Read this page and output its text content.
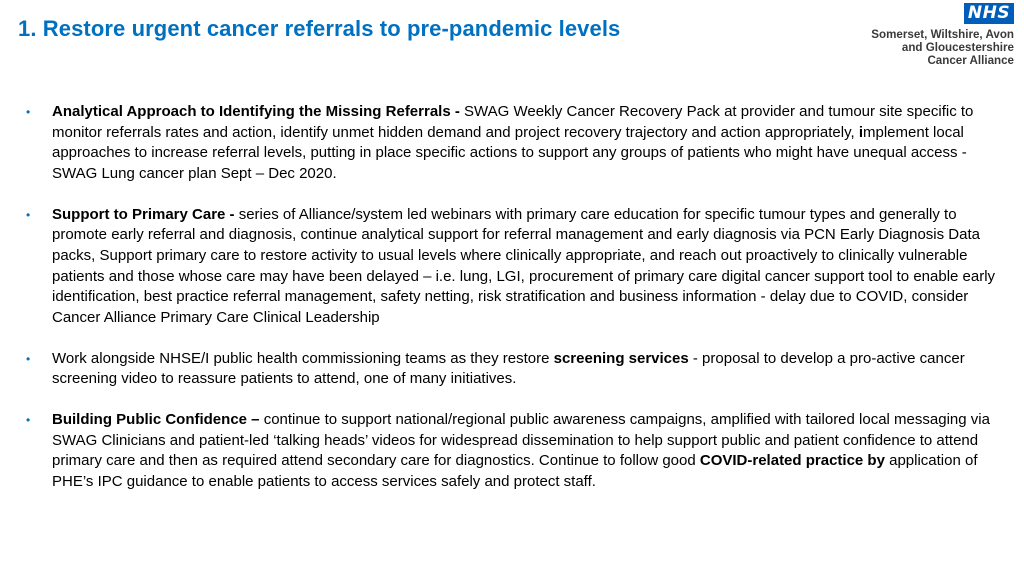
1. Restore urgent cancer referrals to pre-pandemic levels
NHS
Somerset, Wiltshire, Avon
and Gloucestershire
Cancer Alliance
• Analytical Approach to Identifying the Missing Referrals - SWAG Weekly Cancer Recovery Pack at provider and tumour site specific to monitor referrals rates and action, identify unmet hidden demand and project recovery trajectory and action appropriately, implement local approaches to increase referral levels, putting in place specific actions to support any groups of patients who might have unequal access - SWAG Lung cancer plan Sept – Dec 2020.
• Support to Primary Care - series of Alliance/system led webinars with primary care education for specific tumour types and generally to promote early referral and diagnosis, continue analytical support for referral management and early diagnosis via PCN Early Diagnosis Data packs, Support primary care to restore activity to usual levels where clinically appropriate, and reach out proactively to clinically vulnerable patients and those whose care may have been delayed – i.e. lung, LGI, procurement of primary care digital cancer support tool to enable early identification, best practice referral management, safety netting, risk stratification and business information - delay due to COVID, consider Cancer Alliance Primary Care Clinical Leadership
• Work alongside NHSE/I public health commissioning teams as they restore screening services - proposal to develop a pro-active cancer screening video to reassure patients to attend, one of many initiatives.
• Building Public Confidence – continue to support national/regional public awareness campaigns, amplified with tailored local messaging via SWAG Clinicians and patient-led ‘talking heads’ videos for widespread dissemination to help support public and patient confidence to attend primary care and then as required attend secondary care for diagnostics. Continue to follow good COVID-related practice by application of PHE’s IPC guidance to enable patients to access services safely and protect staff.
